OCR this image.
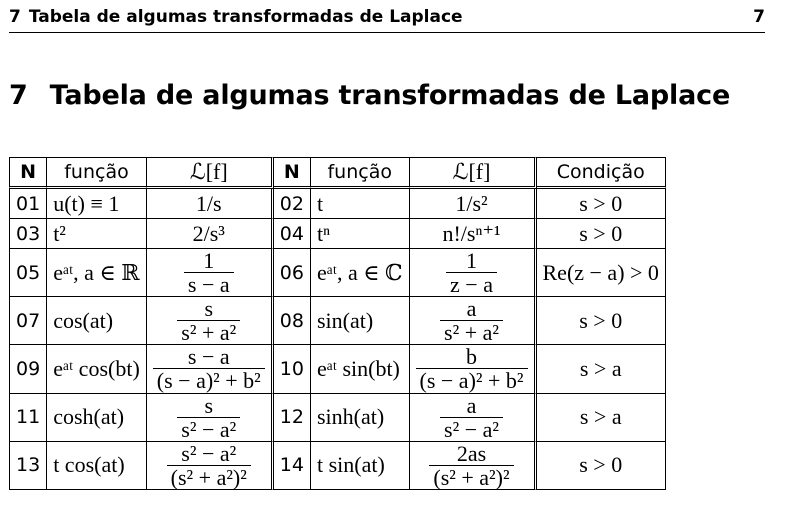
7 Tabela de algumas transformadas de Laplace	7
7 Tabela de algumas transformadas de Laplace
N	função	ℒ[f]	N	função	ℒ[f]	Condição
01	u(t) ≡ 1	1/s	02	t	1/s²	s > 0
03	t²	2/s³	04	tⁿ	n!/sⁿ⁺¹	s > 0
05	eᵃᵗ, a ∈ ℝ	$\frac{1}{s - a}$	06	eᵃᵗ, a ∈ ℂ	$\frac{1}{z - a}$	Re(z − a) > 0
07	cos(at)	$\frac{s}{\text{s² + a²}}$	08	sin(at)	$\frac{a}{\text{s² + a²}}$	s > 0
09	eᵃᵗ cos(bt)	$\frac{s - a}{\text{(s − a)² + b²}}$	10	eᵃᵗ sin(bt)	$\frac{b}{\text{(s − a)² + b²}}$	s > a
11	cosh(at)	$\frac{s}{\text{s² − a²}}$	12	sinh(at)	$\frac{a}{\text{s² − a²}}$	s > a
13	t cos(at)	$\frac{\text{s² − a²}}{\text{(s² + a²)²}}$	14	t sin(at)	$\frac{2as}{\text{(s² + a²)²}}$	s > 0
